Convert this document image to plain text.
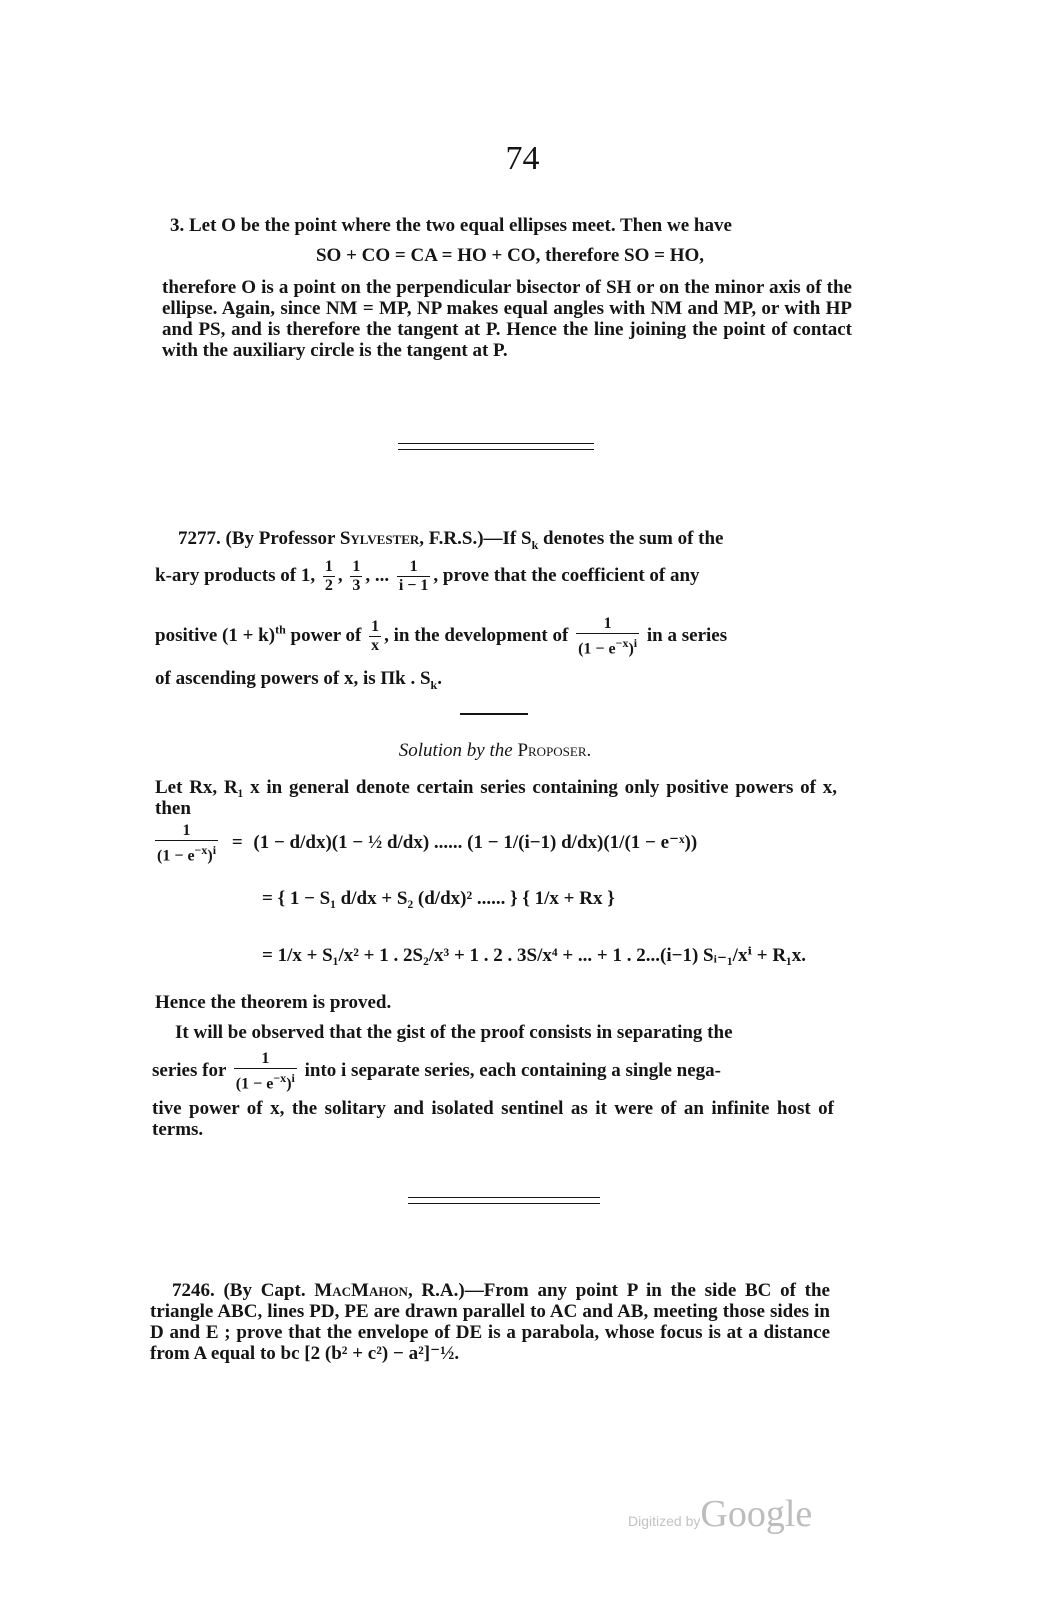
74
3. Let O be the point where the two equal ellipses meet. Then we have
SO + CO = CA = HO + CO, therefore SO = HO,
therefore O is a point on the perpendicular bisector of SH or on the minor axis of the ellipse. Again, since NM = MP, NP makes equal angles with NM and MP, or with HP and PS, and is therefore the tangent at P. Hence the line joining the point of contact with the auxiliary circle is the tangent at P.
7277. (By Professor Sylvester, F.R.S.)—If $S_k$ denotes the sum of the
k-ary products of 1, $\frac{1}{2}$ , $\frac{1}{3}$ , ... $\frac{1}{i - 1}$ , prove that the coefficient of any
positive $(1 + k)^{th}$ power of $\frac{1}{x}$ , in the development of $\frac{1}{(1 - e^{-x})^i}$ in a series
of ascending powers of x, is Πk . $S_k$.
Solution by the Proposer.
Let Rx, R₁ x in general denote certain series containing only positive powers of x, then
$\frac{1}{(1 - e^{-x})^i} = (1 - d/dx)(1$ − ½ d/dx) ...... (1 − 1/(i−1) d/dx)(1/(1 − e⁻ˣ))
= { 1 − S₁ d/dx + S₂ (d/dx)² ...... } { 1/x + Rx }
= 1/x + S₁/x² + 1 . 2S₂/x³ + 1 . 2 . 3S/x⁴ + ... + 1 . 2...(i−1) Sᵢ₋₁/xⁱ + R₁x.
Hence the theorem is proved.
It will be observed that the gist of the proof consists in separating the
series for $\frac{1}{(1 - e^{-x})^i}$ into i separate series, each containing a single nega-
tive power of x, the solitary and isolated sentinel as it were of an infinite host of terms.
7246. (By Capt. MacMahon, R.A.)—From any point P in the side BC of the triangle ABC, lines PD, PE are drawn parallel to AC and AB, meeting those sides in D and E ; prove that the envelope of DE is a parabola, whose focus is at a distance from A equal to bc [2 (b² + c²) − a²]⁻½.
Digitized byGoogle
